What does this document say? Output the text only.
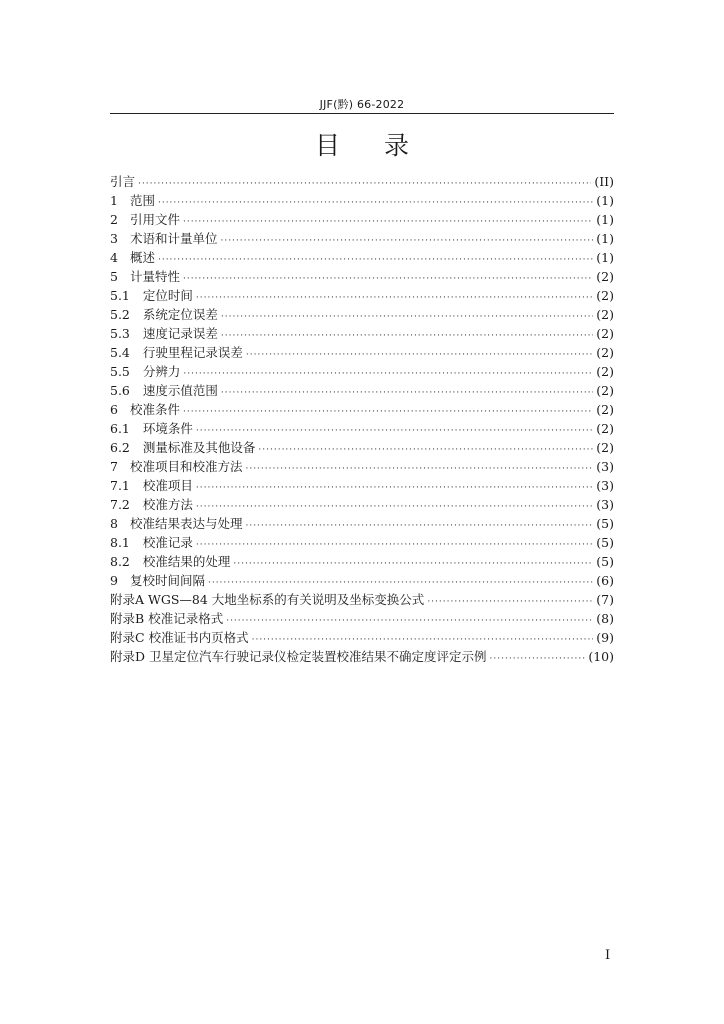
JJF(黔) 66-2022
目录
引言 ·····	(II)
1 范围 ·····	(1)
2 引用文件 ·····	(1)
3 术语和计量单位 ·····	(1)
4 概述 ·····	(1)
5 计量特性 ·····	(2)
5.1 定位时间 ·····	(2)
5.2 系统定位误差 ·····	(2)
5.3 速度记录误差 ·····	(2)
5.4 行驶里程记录误差 ·····	(2)
5.5 分辨力 ·····	(2)
5.6 速度示值范围 ·····	(2)
6 校准条件 ·····	(2)
6.1 环境条件 ·····	(2)
6.2 测量标准及其他设备 ·····	(2)
7 校准项目和校准方法 ·····	(3)
7.1 校准项目 ·····	(3)
7.2 校准方法 ·····	(3)
8 校准结果表达与处理 ·····	(5)
8.1 校准记录 ·····	(5)
8.2 校准结果的处理 ·····	(5)
9 复校时间间隔 ·····	(6)
附录A WGS—84 大地坐标系的有关说明及坐标变换公式 ·····	(7)
附录B 校准记录格式 ·····	(8)
附录C 校准证书内页格式 ·····	(9)
附录D 卫星定位汽车行驶记录仪检定装置校准结果不确定度评定示例 ·····	(10)
I
